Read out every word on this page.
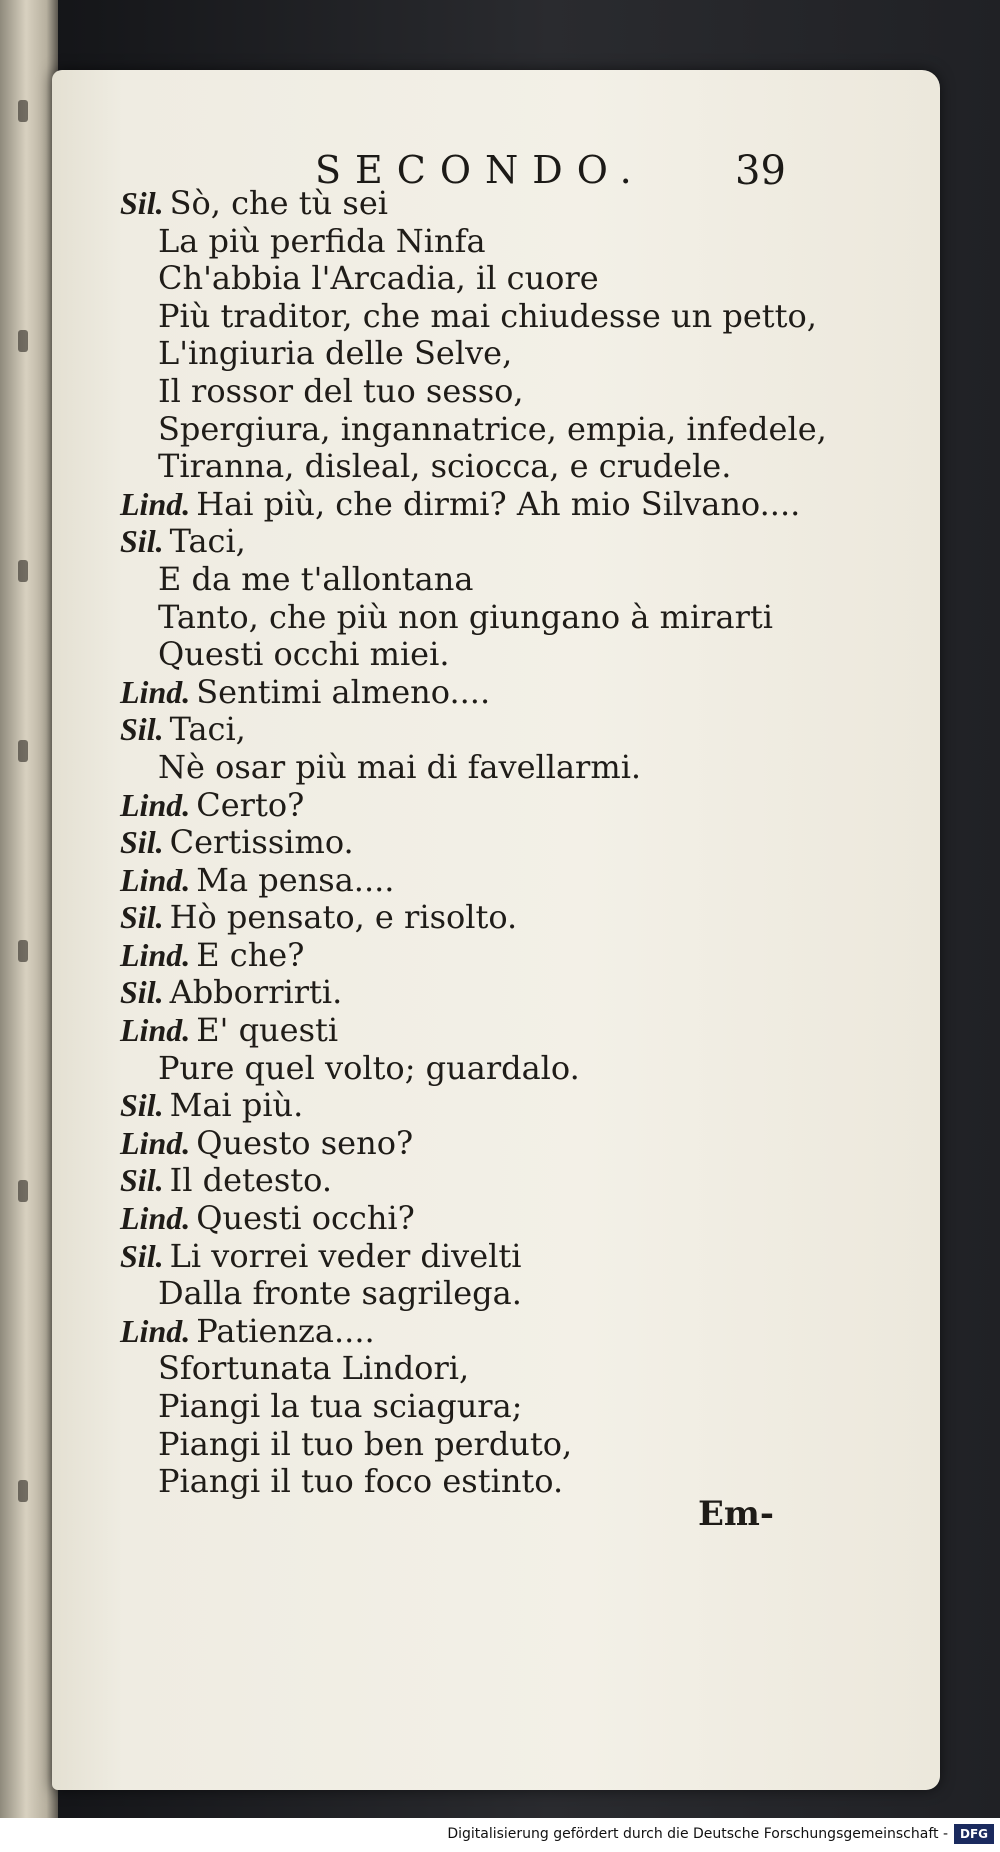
SECONDO.	39
Sil. Sò, che tù sei
La più perfida Ninfa
Ch'abbia l'Arcadia, il cuore
Più traditor, che mai chiudesse un petto,
L'ingiuria delle Selve,
Il rossor del tuo sesso,
Spergiura, ingannatrice, empia, infedele,
Tiranna, disleal, sciocca, e crudele.
Lind. Hai più, che dirmi? Ah mio Silvano....
Sil. Taci,
E da me t'allontana
Tanto, che più non giungano à mirarti
Questi occhi miei.
Lind. Sentimi almeno....
Sil. Taci,
Nè osar più mai di favellarmi.
Lind. Certo?
Sil. Certissimo.
Lind. Ma pensa....
Sil. Hò pensato, e risolto.
Lind. E che?
Sil. Abborrirti.
Lind. E' questi
Pure quel volto; guardalo.
Sil. Mai più.
Lind. Questo seno?
Sil. Il detesto.
Lind. Questi occhi?
Sil. Li vorrei veder divelti
Dalla fronte sagrilega.
Lind. Patienza....
Sfortunata Lindori,
Piangi la tua sciagura;
Piangi il tuo ben perduto,
Piangi il tuo foco estinto.
Em-
Digitalisierung gefördert durch die Deutsche Forschungsgemeinschaft - DFG
